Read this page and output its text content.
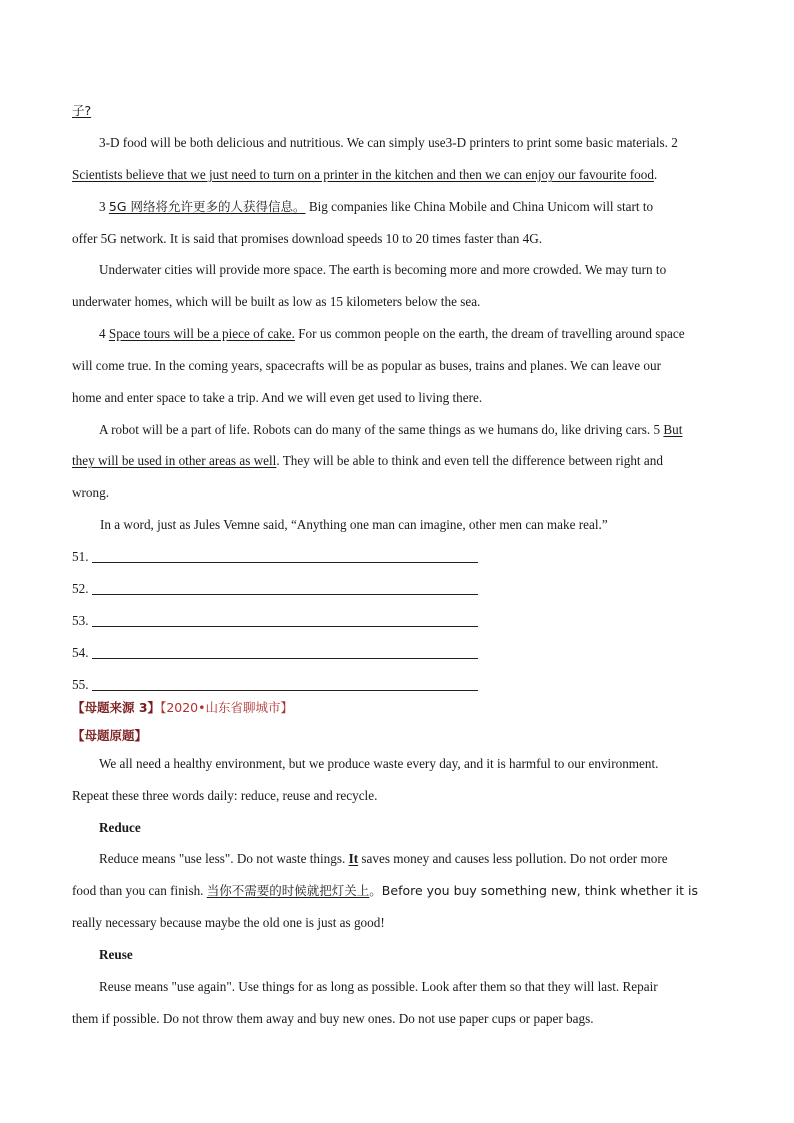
子?
3-D food will be both delicious and nutritious. We can simply use3-D printers to print some basic materials. 2
Scientists believe that we just need to turn on a printer in the kitchen and then we can enjoy our favourite food.
3 5G 网络将允许更多的人获得信息。 Big companies like China Mobile and China Unicom will start to
offer 5G network. It is said that promises download speeds 10 to 20 times faster than 4G.
Underwater cities will provide more space. The earth is becoming more and more crowded. We may turn to
underwater homes, which will be built as low as 15 kilometers below the sea.
4 Space tours will be a piece of cake. For us common people on the earth, the dream of travelling around space
will come true. In the coming years, spacecrafts will be as popular as buses, trains and planes. We can leave our
home and enter space to take a trip. And we will even get used to living there.
A robot will be a part of life. Robots can do many of the same things as we humans do, like driving cars. 5 But
they will be used in other areas as well. They will be able to think and even tell the difference between right and
wrong.
In a word, just as Jules Vemne said, “Anything one man can imagine, other men can make real.”
51.
52.
53.
54.
55.
【母题来源 3】【2020•山东省聊城市】
【母题原题】
We all need a healthy environment, but we produce waste every day, and it is harmful to our environment.
Repeat these three words daily: reduce, reuse and recycle.
Reduce
Reduce means "use less". Do not waste things. It saves money and causes less pollution. Do not order more
food than you can finish. 当你不需要的时候就把灯关上。Before you buy something new, think whether it is
really necessary because maybe the old one is just as good!
Reuse
Reuse means "use again". Use things for as long as possible. Look after them so that they will last. Repair
them if possible. Do not throw them away and buy new ones. Do not use paper cups or paper bags.
